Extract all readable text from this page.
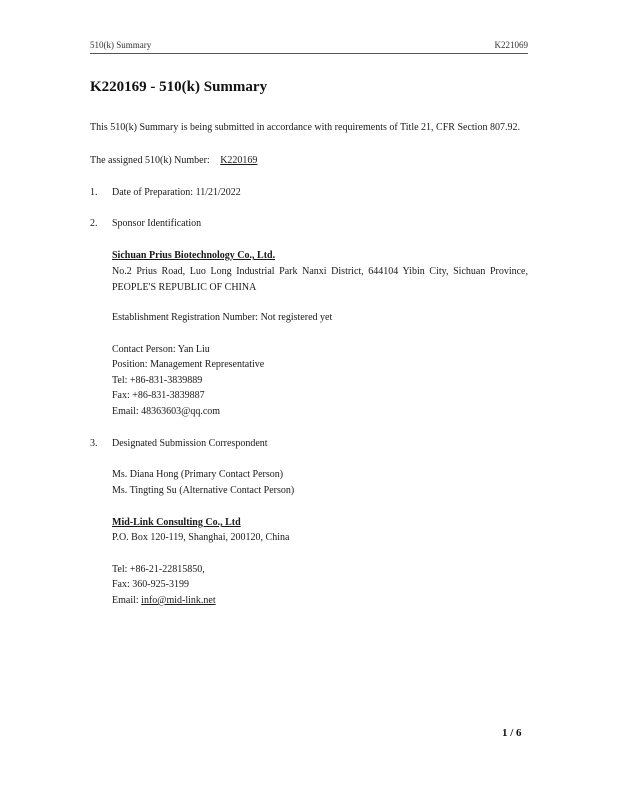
510(k) Summary	K221069
K220169 - 510(k) Summary
This 510(k) Summary is being submitted in accordance with requirements of Title 21, CFR Section 807.92.
The assigned 510(k) Number: K220169
1. Date of Preparation: 11/21/2022
2. Sponsor Identification
Sichuan Prius Biotechnology Co., Ltd.
No.2 Prius Road, Luo Long Industrial Park Nanxi District, 644104 Yibin City, Sichuan Province,
PEOPLE'S REPUBLIC OF CHINA
Establishment Registration Number: Not registered yet
Contact Person: Yan Liu
Position: Management Representative
Tel: +86-831-3839889
Fax: +86-831-3839887
Email: 48363603@qq.com
3. Designated Submission Correspondent
Ms. Diana Hong (Primary Contact Person)
Ms. Tingting Su (Alternative Contact Person)
Mid-Link Consulting Co., Ltd
P.O. Box 120-119, Shanghai, 200120, China
Tel: +86-21-22815850,
Fax: 360-925-3199
Email: info@mid-link.net
1 / 6
